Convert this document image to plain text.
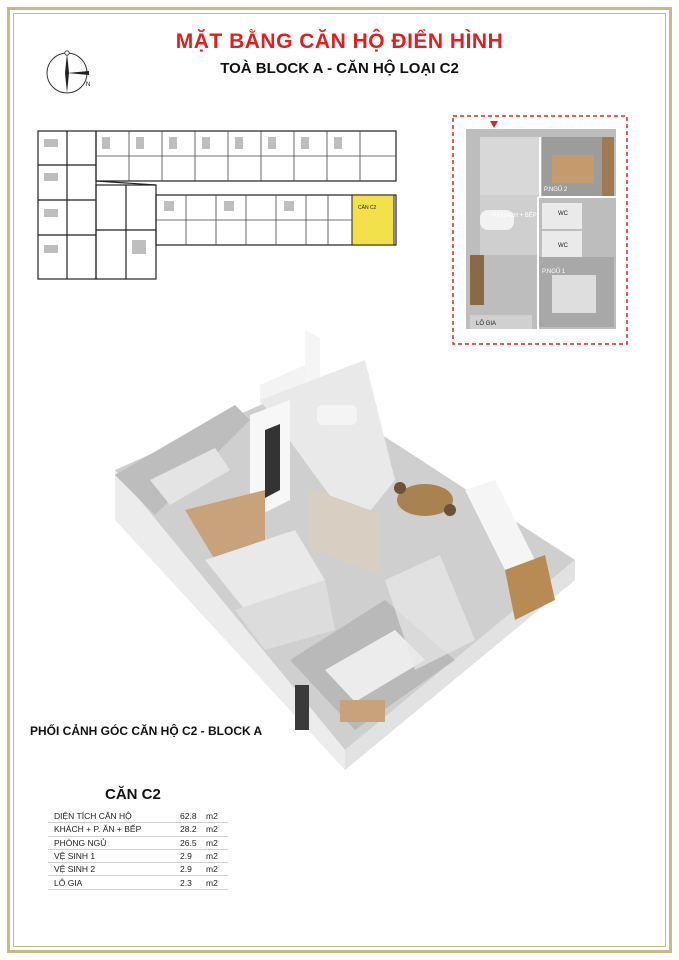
MẶT BẰNG CĂN HỘ ĐIỂN HÌNH
TOÀ BLOCK A - CĂN HỘ LOẠI C2
N
CĂN C2
P.NGỦ 2
P.KHÁCH + BẾP	WC
WC
P.NGỦ 1
LÔ GIA
PHỐI CẢNH GÓC CĂN HỘ C2 - BLOCK A
CĂN C2
DIỆN TÍCH CĂN HỘ	62.8	m2
KHÁCH + P. ĂN + BẾP	28.2	m2
PHÒNG NGỦ	26.5	m2
VỆ SINH 1	2.9	m2
VỆ SINH 2	2.9	m2
LÔ GIA	2.3	m2
